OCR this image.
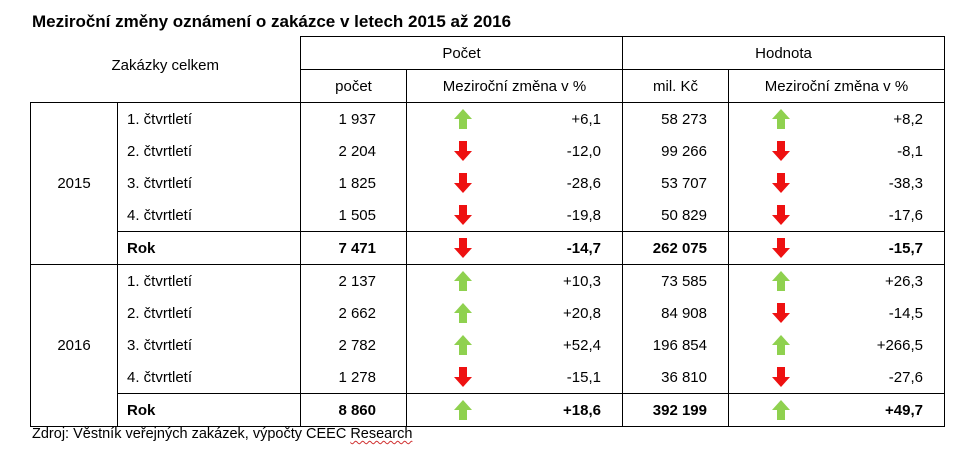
Meziroční změny oznámení o zakázce v letech 2015 až 2016
Zakázky celkem		Počet		Hodnota	
		počet	Meziroční změna v %	mil. Kč	Meziroční změna v %
2015	1. čtvrtletí	1 937	+6,1	58 273	+8,2

	2. čtvrtletí	2 204	-12,0	99 266	-8,1

	3. čtvrtletí	1 825	-28,6	53 707	-38,3

	4. čtvrtletí	1 505	-19,8	50 829	-17,6

	Rok	7 471	-14,7	262 075	-15,7

2016	1. čtvrtletí	2 137	+10,3	73 585	+26,3

	2. čtvrtletí	2 662	+20,8	84 908	-14,5

	3. čtvrtletí	2 782	+52,4	196 854	+266,5

	4. čtvrtletí	1 278	-15,1	36 810	-27,6

	Rok	8 860	+18,6	392 199	+49,7
Zdroj: Věstník veřejných zakázek, výpočty CEEC Research
